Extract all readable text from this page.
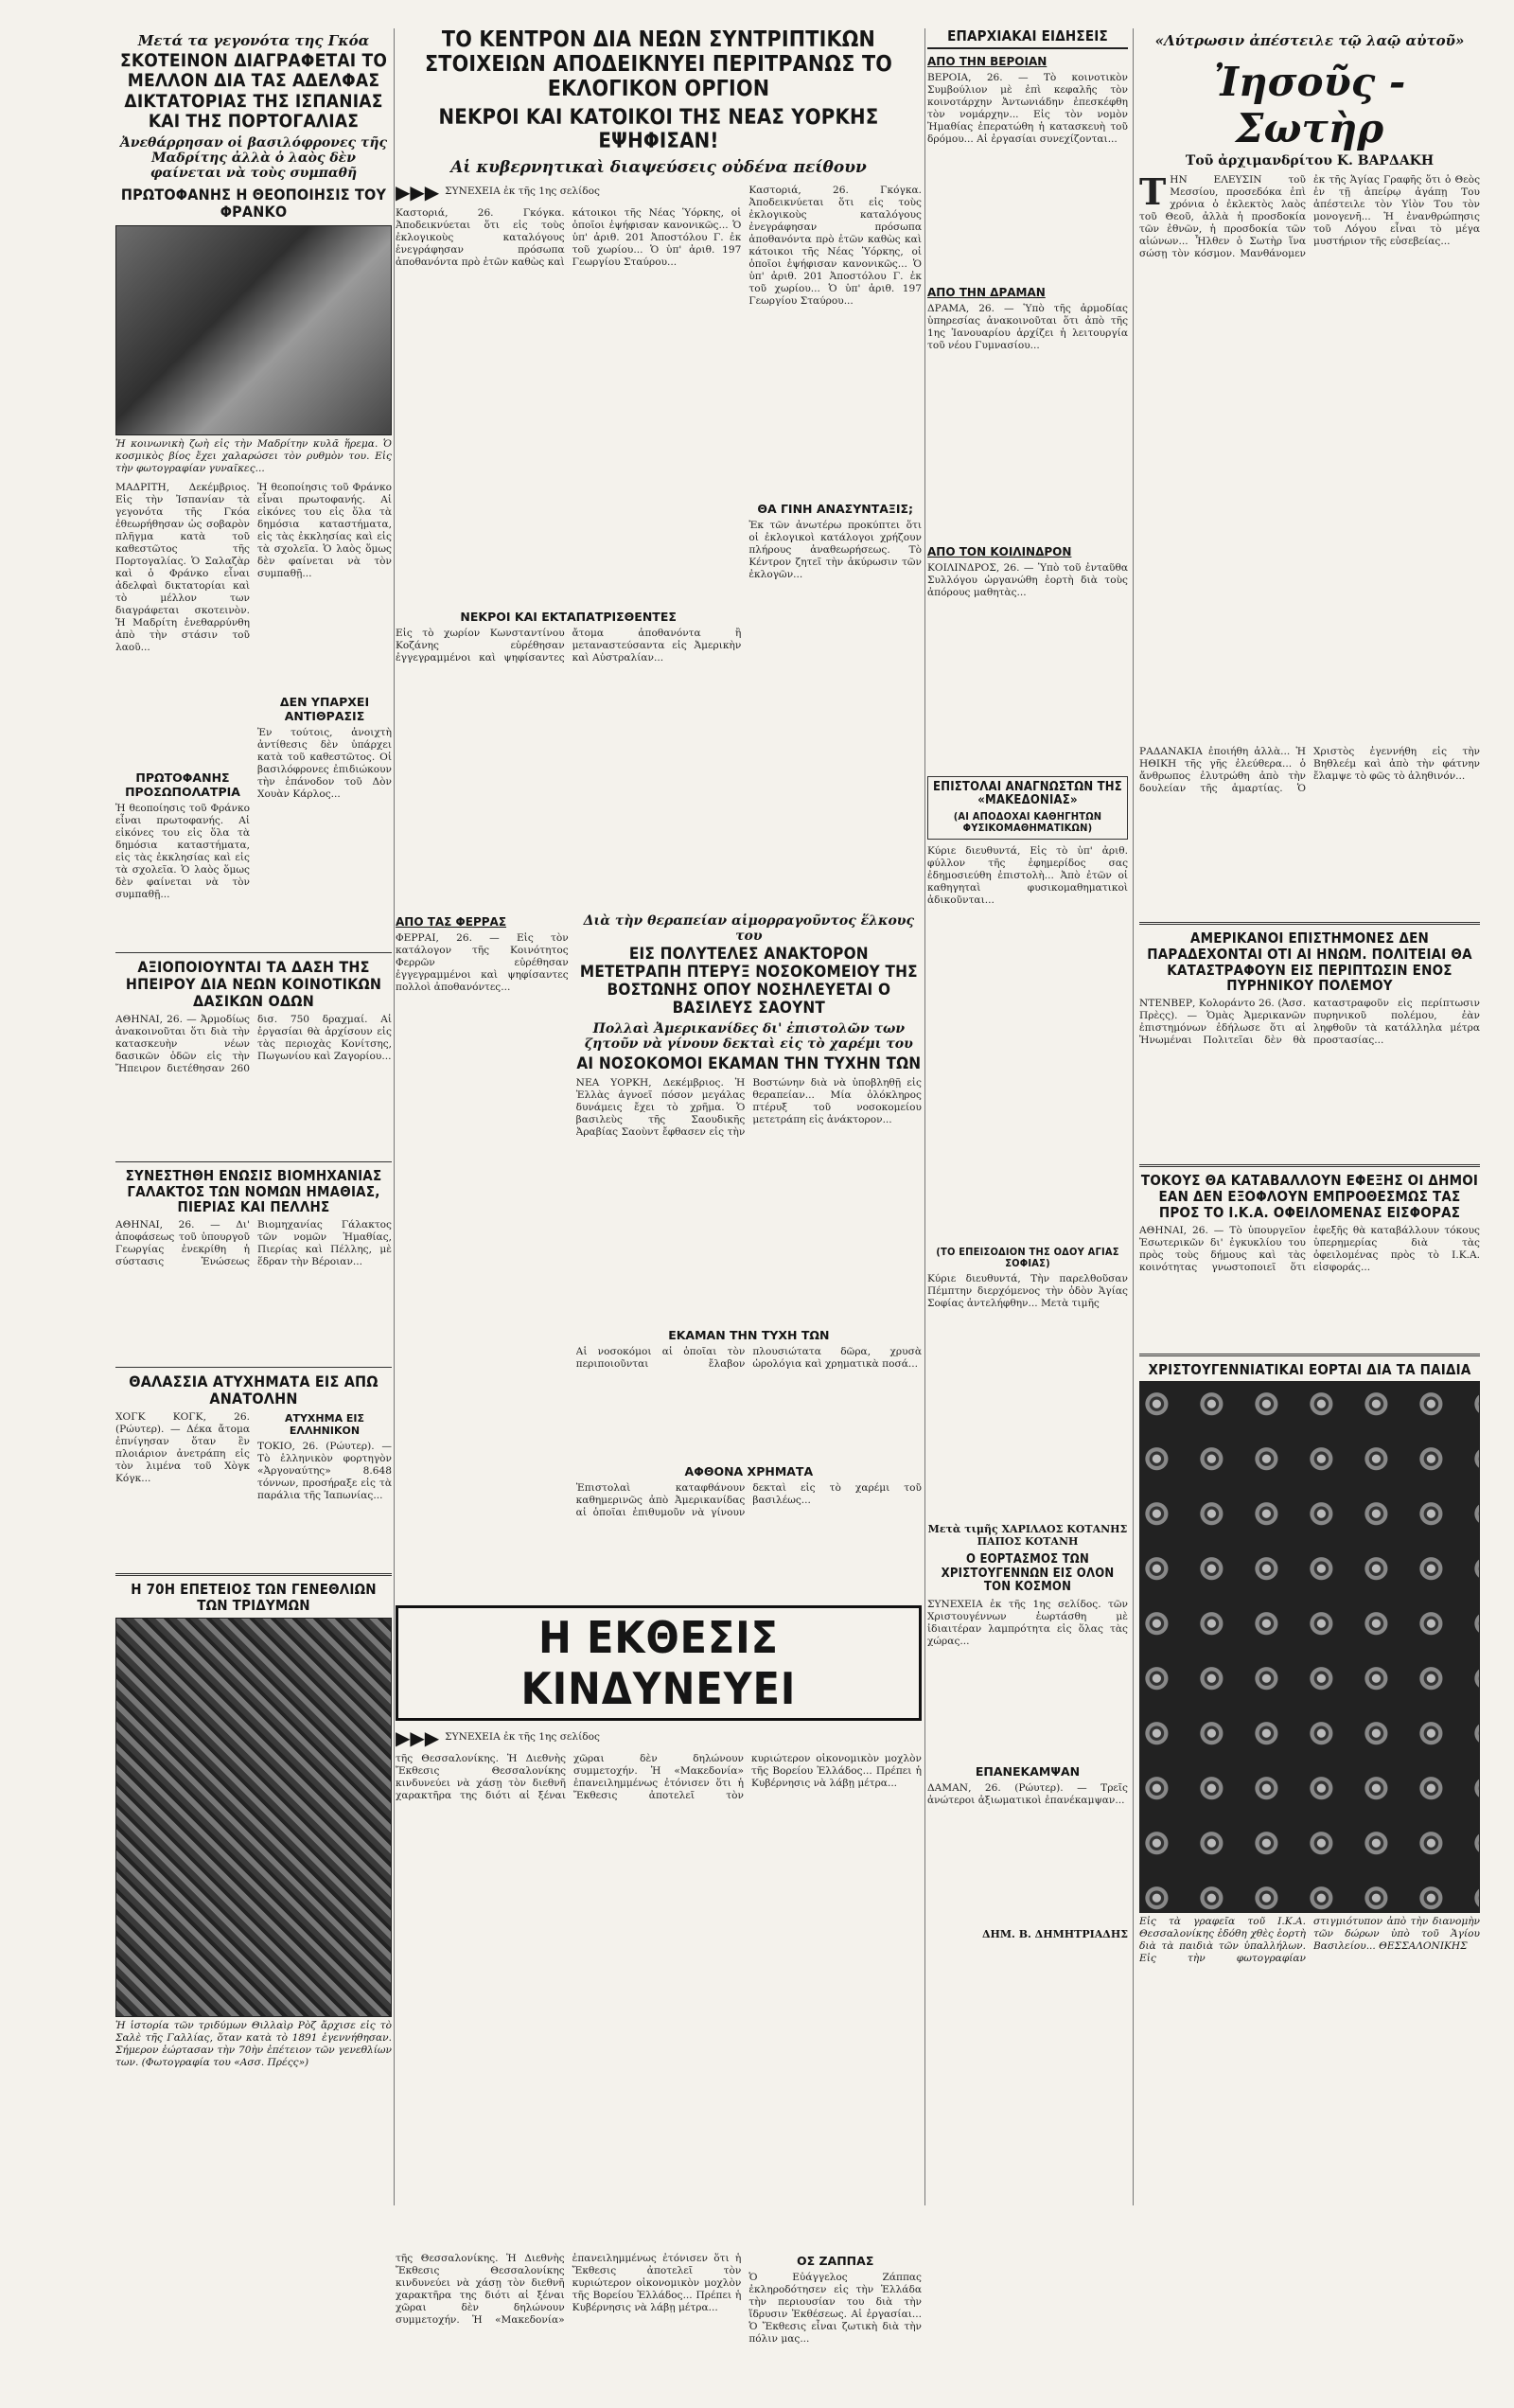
Μετά τα γεγονότα της Γκόα
ΣΚΟΤΕΙΝΟΝ ΔΙΑΓΡΑΦΕΤΑΙ ΤΟ ΜΕΛΛΟΝ ΔΙΑ ΤΑΣ ΑΔΕΛΦΑΣ ΔΙΚΤΑΤΟΡΙΑΣ ΤΗΣ ΙΣΠΑΝΙΑΣ ΚΑΙ ΤΗΣ ΠΟΡΤΟΓΑΛΙΑΣ
Ἀνεθάρρησαν οἱ βασιλόφρονες τῆς Μαδρίτης ἀλλὰ ὁ λαὸς δὲν φαίνεται νὰ τοὺς συμπαθῆ
ΠΡΩΤΟΦΑΝΗΣ Η ΘΕΟΠΟΙΗΣΙΣ ΤΟΥ ΦΡΑΝΚΟ
Ἡ κοινωνικὴ ζωὴ εἰς τὴν Μαδρίτην κυλᾶ ἥρεμα. Ὁ κοσμικὸς βίος ἔχει χαλαρώσει τὸν ρυθμὸν του. Εἰς τὴν φωτογραφίαν γυναῖκες...
ΜΑΔΡΙΤΗ, Δεκέμβριος. Εἰς τὴν Ἰσπανίαν τὰ γεγονότα τῆς Γκόα ἐθεωρήθησαν ὡς σοβαρὸν πλῆγμα κατὰ τοῦ καθεστῶτος τῆς Πορτογαλίας. Ὁ Σαλαζὰρ καὶ ὁ Φράνκο εἶναι ἀδελφαὶ δικτατορίαι καὶ τὸ μέλλον των διαγράφεται σκοτεινὸν. Ἡ Μαδρίτη ἐνεθαρρύνθη ἀπὸ τὴν στάσιν τοῦ λαοῦ...
ΠΡΩΤΟΦΑΝΗΣ ΠΡΟΣΩΠΟΛΑΤΡΙΑ
Ἡ θεοποίησις τοῦ Φράνκο εἶναι πρωτοφανής. Αἱ εἰκόνες του εἰς ὅλα τὰ δημόσια καταστήματα, εἰς τὰς ἐκκλησίας καὶ εἰς τὰ σχολεῖα. Ὁ λαὸς ὅμως δὲν φαίνεται νὰ τὸν συμπαθῇ...
Ἡ θεοποίησις τοῦ Φράνκο εἶναι πρωτοφανής. Αἱ εἰκόνες του εἰς ὅλα τὰ δημόσια καταστήματα, εἰς τὰς ἐκκλησίας καὶ εἰς τὰ σχολεῖα. Ὁ λαὸς ὅμως δὲν φαίνεται νὰ τὸν συμπαθῇ...
ΔΕΝ ΥΠΑΡΧΕΙ ΑΝΤΙΘΡΑΣΙΣ
Ἐν τούτοις, ἀνοιχτὴ ἀντίθεσις δὲν ὑπάρχει κατὰ τοῦ καθεστῶτος. Οἱ βασιλόφρονες ἐπιδιώκουν τὴν ἐπάνοδον τοῦ Δὸν Χουὰν Κάρλος...
ΑΞΙΟΠΟΙΟΥΝΤΑΙ ΤΑ ΔΑΣΗ ΤΗΣ ΗΠΕΙΡΟΥ ΔΙΑ ΝΕΩΝ ΚΟΙΝΟΤΙΚΩΝ ΔΑΣΙΚΩΝ ΟΔΩΝ
ΑΘΗΝΑΙ, 26. — Ἀρμοδίως ἀνακοινοῦται ὅτι διὰ τὴν κατασκευὴν νέων δασικῶν ὁδῶν εἰς τὴν Ἤπειρον διετέθησαν 260 δισ. 750 δραχμαί. Αἱ ἐργασίαι θὰ ἀρχίσουν εἰς τὰς περιοχὰς Κονίτσης, Πωγωνίου καὶ Ζαγορίου...
ΣΥΝΕΣΤΗΘΗ ΕΝΩΣΙΣ ΒΙΟΜΗΧΑΝΙΑΣ ΓΑΛΑΚΤΟΣ ΤΩΝ ΝΟΜΩΝ ΗΜΑΘΙΑΣ, ΠΙΕΡΙΑΣ ΚΑΙ ΠΕΛΛΗΣ
ΑΘΗΝΑΙ, 26. — Δι' ἀποφάσεως τοῦ ὑπουργοῦ Γεωργίας ἐνεκρίθη ἡ σύστασις Ἑνώσεως Βιομηχανίας Γάλακτος τῶν νομῶν Ἠμαθίας, Πιερίας καὶ Πέλλης, μὲ ἕδραν τὴν Βέροιαν...
ΘΑΛΑΣΣΙΑ ΑΤΥΧΗΜΑΤΑ ΕΙΣ ΑΠΩ ΑΝΑΤΟΛΗΝ
ΧΟΓΚ ΚΟΓΚ, 26. (Ρώυτερ). — Δέκα ἄτομα ἐπνίγησαν ὅταν ἓν πλοιάριον ἀνετράπη εἰς τὸν λιμένα τοῦ Χὸγκ Κόγκ...
ΑΤΥΧΗΜΑ ΕΙΣ ΕΛΛΗΝΙΚΟΝ
ΤΟΚΙΟ, 26. (Ρώυτερ). — Τὸ ἑλληνικὸν φορτηγὸν «Ἀργοναύτης» 8.648 τόννων, προσήραξε εἰς τὰ παράλια τῆς Ἰαπωνίας...
Η 70Η ΕΠΕΤΕΙΟΣ ΤΩΝ ΓΕΝΕΘΛΙΩΝ ΤΩΝ ΤΡΙΔΥΜΩΝ
Ἡ ἱστορία τῶν τριδύμων Θιλλαὶρ Ρὸζ ἄρχισε εἰς τὸ Σαλὲ τῆς Γαλλίας, ὅταν κατὰ τὸ 1891 ἐγεννήθησαν. Σήμερον ἑώρτασαν τὴν 70ὴν ἐπέτειον τῶν γενεθλίων των. (Φωτογραφία του «Ασσ. Πρέςς»)
ΤΟ ΚΕΝΤΡΟΝ ΔΙΑ ΝΕΩΝ ΣΥΝΤΡΙΠΤΙΚΩΝ ΣΤΟΙΧΕΙΩΝ ΑΠΟΔΕΙΚΝΥΕΙ ΠΕΡΙΤΡΑΝΩΣ ΤΟ ΕΚΛΟΓΙΚΟΝ ΟΡΓΙΟΝ
ΝΕΚΡΟΙ ΚΑΙ ΚΑΤΟΙΚΟΙ ΤΗΣ ΝΕΑΣ ΥΟΡΚΗΣ ΕΨΗΦΙΣΑΝ!
Αἱ κυβερνητικαὶ διαψεύσεις οὐδένα πείθουν
▶▶▶ ΣΥΝΕΧΕΙΑ ἐκ τῆς 1ης σελίδος
Καστοριά, 26. Γκόγκα. Ἀποδεικνύεται ὅτι εἰς τοὺς ἐκλογικοὺς καταλόγους ἐνεγράφησαν πρόσωπα ἀποθανόντα πρὸ ἐτῶν καθὼς καὶ κάτοικοι τῆς Νέας Ὑόρκης, οἱ ὁποῖοι ἐψήφισαν κανονικῶς... Ὁ ὑπ' ἀριθ. 201 Ἀποστόλου Γ. ἐκ τοῦ χωρίου... Ὁ ὑπ' ἀριθ. 197 Γεωργίου Σταύρου...
ΝΕΚΡΟΙ ΚΑΙ ΕΚΤΑΠΑΤΡΙΣΘΕΝΤΕΣ
Εἰς τὸ χωρίον Κωνσταντίνου Κοζάνης εὑρέθησαν ἐγγεγραμμένοι καὶ ψηφίσαντες ἄτομα ἀποθανόντα ἢ μεταναστεύσαντα εἰς Ἀμερικὴν καὶ Αὐστραλίαν...
Καστοριά, 26. Γκόγκα. Ἀποδεικνύεται ὅτι εἰς τοὺς ἐκλογικοὺς καταλόγους ἐνεγράφησαν πρόσωπα ἀποθανόντα πρὸ ἐτῶν καθὼς καὶ κάτοικοι τῆς Νέας Ὑόρκης, οἱ ὁποῖοι ἐψήφισαν κανονικῶς... Ὁ ὑπ' ἀριθ. 201 Ἀποστόλου Γ. ἐκ τοῦ χωρίου... Ὁ ὑπ' ἀριθ. 197 Γεωργίου Σταύρου...
ΘΑ ΓΙΝΗ ΑΝΑΣΥΝΤΑΞΙΣ;
Ἐκ τῶν ἀνωτέρω προκύπτει ὅτι οἱ ἐκλογικοὶ κατάλογοι χρήζουν πλήρους ἀναθεωρήσεως. Τὸ Κέντρον ζητεῖ τὴν ἀκύρωσιν τῶν ἐκλογῶν...
ΑΠΟ ΤΑΣ ΦΕΡΡΑΣ
ΦΕΡΡΑΙ, 26. — Εἰς τὸν κατάλογον τῆς Κοινότητος Φερρῶν εὑρέθησαν ἐγγεγραμμένοι καὶ ψηφίσαντες πολλοὶ ἀποθανόντες...
Διὰ τὴν θεραπείαν αἱμορραγοῦντος ἕλκους του
ΕΙΣ ΠΟΛΥΤΕΛΕΣ ΑΝΑΚΤΟΡΟΝ ΜΕΤΕΤΡΑΠΗ ΠΤΕΡΥΞ ΝΟΣΟΚΟΜΕΙΟΥ ΤΗΣ ΒΟΣΤΩΝΗΣ ΟΠΟΥ ΝΟΣΗΛΕΥΕΤΑΙ Ο ΒΑΣΙΛΕΥΣ ΣΑΟΥΝΤ
Πολλαὶ Ἀμερικανίδες δι' ἐπιστολῶν των ζητοῦν νὰ γίνουν δεκταὶ εἰς τὸ χαρέμι του
ΑΙ ΝΟΣΟΚΟΜΟΙ ΕΚΑΜΑΝ ΤΗΝ ΤΥΧΗΝ ΤΩΝ
ΝΕΑ ΥΟΡΚΗ, Δεκέμβριος. Ἡ Ἑλλὰς ἀγνοεῖ πόσον μεγάλας δυνάμεις ἔχει τὸ χρῆμα. Ὁ βασιλεὺς τῆς Σαουδικῆς Ἀραβίας Σαοὺντ ἔφθασεν εἰς τὴν Βοστώνην διὰ νὰ ὑποβληθῇ εἰς θεραπείαν... Μία ὁλόκληρος πτέρυξ τοῦ νοσοκομείου μετετράπη εἰς ἀνάκτορον...
ΕΚΑΜΑΝ ΤΗΝ ΤΥΧΗ ΤΩΝ
Αἱ νοσοκόμοι αἱ ὁποῖαι τὸν περιποιοῦνται ἔλαβον πλουσιώτατα δῶρα, χρυσὰ ὡρολόγια καὶ χρηματικὰ ποσά...
ΑΦΘΟΝΑ ΧΡΗΜΑΤΑ
Ἐπιστολαὶ καταφθάνουν καθημερινῶς ἀπὸ Ἀμερικανίδας αἱ ὁποῖαι ἐπιθυμοῦν νὰ γίνουν δεκταὶ εἰς τὸ χαρέμι τοῦ βασιλέως...
Η ΕΚΘΕΣΙΣ ΚΙΝΔΥΝΕΥΕΙ
▶▶▶ ΣΥΝΕΧΕΙΑ ἐκ τῆς 1ης σελίδος
τῆς Θεσσαλονίκης. Ἡ Διεθνὴς Ἔκθεσις Θεσσαλονίκης κινδυνεύει νὰ χάσῃ τὸν διεθνῆ χαρακτῆρα της διότι αἱ ξέναι χῶραι δὲν δηλώνουν συμμετοχήν. Ἡ «Μακεδονία» ἐπανειλημμένως ἐτόνισεν ὅτι ἡ Ἔκθεσις ἀποτελεῖ τὸν κυριώτερον οἰκονομικὸν μοχλὸν τῆς Βορείου Ἑλλάδος... Πρέπει ἡ Κυβέρνησις νὰ λάβῃ μέτρα...
τῆς Θεσσαλονίκης. Ἡ Διεθνὴς Ἔκθεσις Θεσσαλονίκης κινδυνεύει νὰ χάσῃ τὸν διεθνῆ χαρακτῆρα της διότι αἱ ξέναι χῶραι δὲν δηλώνουν συμμετοχήν. Ἡ «Μακεδονία» ἐπανειλημμένως ἐτόνισεν ὅτι ἡ Ἔκθεσις ἀποτελεῖ τὸν κυριώτερον οἰκονομικὸν μοχλὸν τῆς Βορείου Ἑλλάδος... Πρέπει ἡ Κυβέρνησις νὰ λάβῃ μέτρα...
ΟΣ ΖΑΠΠΑΣ
Ὁ Εὐάγγελος Ζάππας ἐκληροδότησεν εἰς τὴν Ἑλλάδα τὴν περιουσίαν του διὰ τὴν ἵδρυσιν Ἐκθέσεως. Αἱ ἐργασίαι... Ὁ Ἔκθεσις εἶναι ζωτικὴ διὰ τὴν πόλιν μας...
ΕΠΑΡΧΙΑΚΑΙ ΕΙΔΗΣΕΙΣ
ΑΠΟ ΤΗΝ ΒΕΡΟΙΑΝ
ΒΕΡΟΙΑ, 26. — Τὸ κοινοτικὸν Συμβούλιον μὲ ἐπὶ κεφαλῆς τὸν κοινοτάρχην Ἀντωνιάδην ἐπεσκέφθη τὸν νομάρχην... Εἰς τὸν νομὸν Ἠμαθίας ἐπερατώθη ἡ κατασκευὴ τοῦ δρόμου... Αἱ ἐργασίαι συνεχίζονται...
ΑΠΟ ΤΗΝ ΔΡΑΜΑΝ
ΔΡΑΜΑ, 26. — Ὑπὸ τῆς ἀρμοδίας ὑπηρεσίας ἀνακοινοῦται ὅτι ἀπὸ τῆς 1ης Ἰανουαρίου ἀρχίζει ἡ λειτουργία τοῦ νέου Γυμνασίου...
ΑΠΟ ΤΟΝ ΚΟΙΛΙΝΔΡΟΝ
ΚΟΙΛΙΝΔΡΟΣ, 26. — Ὑπὸ τοῦ ἐνταῦθα Συλλόγου ὠργανώθη ἑορτὴ διὰ τοὺς ἀπόρους μαθητὰς...
ΕΠΙΣΤΟΛΑΙ ΑΝΑΓΝΩΣΤΩΝ ΤΗΣ «ΜΑΚΕΔΟΝΙΑΣ»
(ΑΙ ΑΠΟΔΟΧΑΙ ΚΑΘΗΓΗΤΩΝ ΦΥΣΙΚΟΜΑΘΗΜΑΤΙΚΩΝ)
Κύριε διευθυντά, Εἰς τὸ ὑπ' ἀριθ. φύλλον τῆς ἐφημερίδος σας ἐδημοσιεύθη ἐπιστολὴ... Ἀπὸ ἐτῶν οἱ καθηγηταὶ φυσικομαθηματικοὶ ἀδικοῦνται...
(ΤΟ ΕΠΕΙΣΟΔΙΟΝ ΤΗΣ ΟΔΟΥ ΑΓΙΑΣ ΣΟΦΙΑΣ)
Κύριε διευθυντά, Τὴν παρελθοῦσαν Πέμπτην διερχόμενος τὴν ὁδὸν Ἁγίας Σοφίας ἀντελήφθην... Μετὰ τιμῆς
Μετὰ τιμῆς ΧΑΡΙΛΑΟΣ ΚΟΤΑΝΗΣ ΠΑΠΟΣ ΚΟΤΑΝΗ
Ο ΕΟΡΤΑΣΜΟΣ ΤΩΝ ΧΡΙΣΤΟΥΓΕΝΝΩΝ ΕΙΣ ΟΛΟΝ ΤΟΝ ΚΟΣΜΟΝ
ΣΥΝΕΧΕΙΑ ἐκ τῆς 1ης σελίδος. τῶν Χριστουγέννων ἑωρτάσθη μὲ ἰδιαιτέραν λαμπρότητα εἰς ὅλας τὰς χώρας...
ΕΠΑΝΕΚΑΜΨΑΝ
ΔΑΜΑΝ, 26. (Ρώυτερ). — Τρεῖς ἀνώτεροι ἀξιωματικοὶ ἐπανέκαμψαν...
ΔΗΜ. Β. ΔΗΜΗΤΡΙΑΔΗΣ
«Λύτρωσιν ἀπέστειλε τῷ λαῷ αὐτοῦ»
Ἰησοῦς - Σωτὴρ
Τοῦ ἀρχιμανδρίτου Κ. ΒΑΡΔΑΚΗ
ΤΗΝ ΕΛΕΥΣΙΝ τοῦ Μεσσίου, προσεδόκα ἐπὶ χρόνια ὁ ἐκλεκτὸς λαὸς τοῦ Θεοῦ, ἀλλὰ ἡ προσδοκία τῶν ἐθνῶν, ἡ προσδοκία τῶν αἰώνων... Ἦλθεν ὁ Σωτὴρ ἵνα σώσῃ τὸν κόσμον. Μανθάνομεν ἐκ τῆς Ἁγίας Γραφῆς ὅτι ὁ Θεὸς ἐν τῇ ἀπείρῳ ἀγάπῃ Του ἀπέστειλε τὸν Υἱὸν Του τὸν μονογενῆ... Ἡ ἐνανθρώπησις τοῦ Λόγου εἶναι τὸ μέγα μυστήριον τῆς εὐσεβείας...
ΡΑΔΑΝΑΚΙΑ ἐποιήθη ἀλλὰ... Ἡ ΗΘΙΚΗ τῆς γῆς ἐλεύθερα... ὁ ἄνθρωπος ἐλυτρώθη ἀπὸ τὴν δουλείαν τῆς ἁμαρτίας. Ὁ Χριστὸς ἐγεννήθη εἰς τὴν Βηθλεέμ καὶ ἀπὸ τὴν φάτνην ἔλαμψε τὸ φῶς τὸ ἀληθινόν...
ΑΜΕΡΙΚΑΝΟΙ ΕΠΙΣΤΗΜΟΝΕΣ ΔΕΝ ΠΑΡΑΔΕΧΟΝΤΑΙ ΟΤΙ ΑΙ ΗΝΩΜ. ΠΟΛΙΤΕΙΑΙ ΘΑ ΚΑΤΑΣΤΡΑΦΟΥΝ ΕΙΣ ΠΕΡΙΠΤΩΣΙΝ ΕΝΟΣ ΠΥΡΗΝΙΚΟΥ ΠΟΛΕΜΟΥ
ΝΤΕΝΒΕΡ, Κολοράντο 26. (Ἀσσ. Πρὲςς). — Ὁμὰς Ἀμερικανῶν ἐπιστημόνων ἐδήλωσε ὅτι αἱ Ἡνωμέναι Πολιτεῖαι δὲν θὰ καταστραφοῦν εἰς περίπτωσιν πυρηνικοῦ πολέμου, ἐὰν ληφθοῦν τὰ κατάλληλα μέτρα προστασίας...
ΤΟΚΟΥΣ ΘΑ ΚΑΤΑΒΑΛΛΟΥΝ ΕΦΕΞΗΣ ΟΙ ΔΗΜΟΙ ΕΑΝ ΔΕΝ ΕΞΟΦΛΟΥΝ ΕΜΠΡΟΘΕΣΜΩΣ ΤΑΣ ΠΡΟΣ ΤΟ Ι.Κ.Α. ΟΦΕΙΛΟΜΕΝΑΣ ΕΙΣΦΟΡΑΣ
ΑΘΗΝΑΙ, 26. — Τὸ ὑπουργεῖον Ἐσωτερικῶν δι' ἐγκυκλίου του πρὸς τοὺς δήμους καὶ τὰς κοινότητας γνωστοποιεῖ ὅτι ἐφεξῆς θὰ καταβάλλουν τόκους ὑπερημερίας διὰ τὰς ὀφειλομένας πρὸς τὸ Ι.Κ.Α. εἰσφοράς...
ΧΡΙΣΤΟΥΓΕΝΝΙΑΤΙΚΑΙ ΕΟΡΤΑΙ ΔΙΑ ΤΑ ΠΑΙΔΙΑ
Εἰς τὰ γραφεῖα τοῦ Ι.Κ.Α. Θεσσαλονίκης ἐδόθη χθὲς ἑορτὴ διὰ τὰ παιδιὰ τῶν ὑπαλλήλων. Εἰς τὴν φωτογραφίαν στιγμιότυπον ἀπὸ τὴν διανομὴν τῶν δώρων ὑπὸ τοῦ Ἁγίου Βασιλείου... ΘΕΣΣΑΛΟΝΙΚΗΣ
